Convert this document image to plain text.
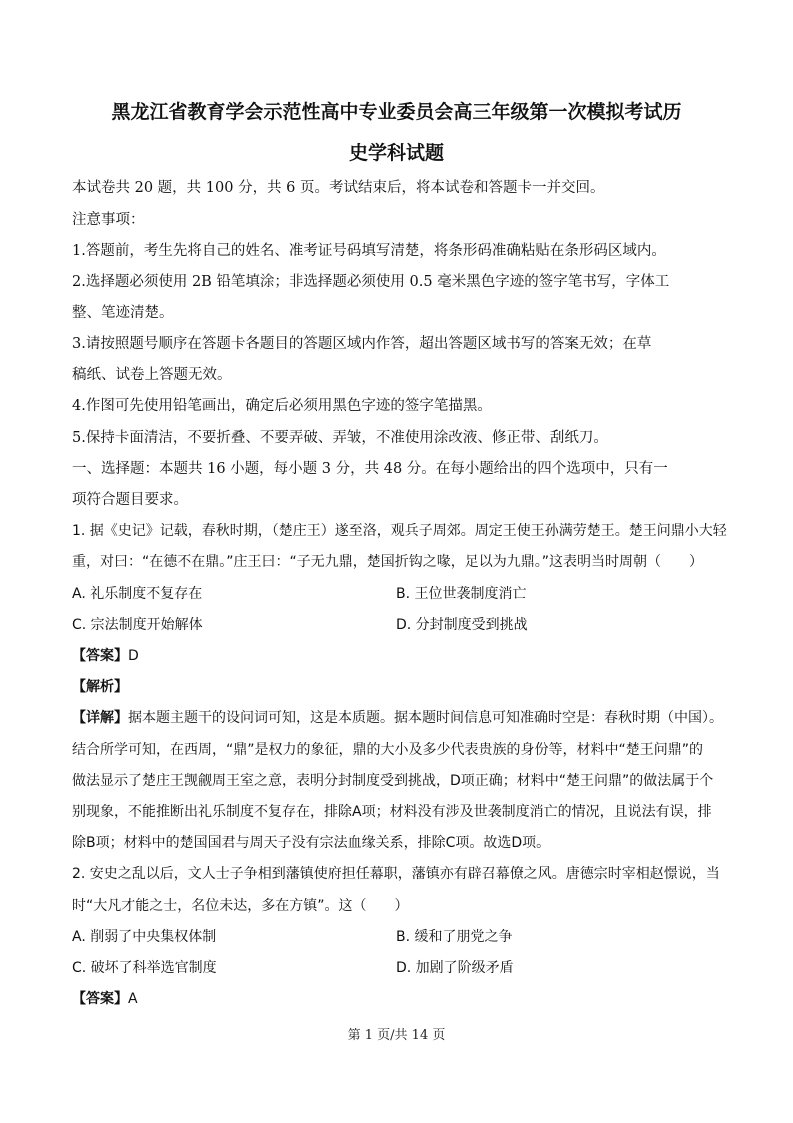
黑龙江省教育学会示范性高中专业委员会高三年级第一次模拟考试历
史学科试题
本试卷共 20 题，共 100 分，共 6 页。考试结束后，将本试卷和答题卡一并交回。
注意事项：
1.答题前，考生先将自己的姓名、准考证号码填写清楚，将条形码准确粘贴在条形码区域内。
2.选择题必须使用 2B 铅笔填涂；非选择题必须使用 0.5 毫米黑色字迹的签字笔书写，字体工
整、笔迹清楚。
3.请按照题号顺序在答题卡各题目的答题区域内作答，超出答题区域书写的答案无效；在草
稿纸、试卷上答题无效。
4.作图可先使用铅笔画出，确定后必须用黑色字迹的签字笔描黑。
5.保持卡面清洁，不要折叠、不要弄破、弄皱，不准使用涂改液、修正带、刮纸刀。
一、选择题：本题共 16 小题，每小题 3 分，共 48 分。在每小题给出的四个选项中，只有一
项符合题目要求。
1. 据《史记》记载，春秋时期，（楚庄王）遂至洛，观兵子周郊。周定王使王孙满劳楚王。楚王问鼎小大轻
重，对曰：“在德不在鼎。”庄王曰：“子无九鼎，楚国折钩之喙，足以为九鼎。”这表明当时周朝（　　）
A. 礼乐制度不复存在	B. 王位世袭制度消亡
C. 宗法制度开始解体	D. 分封制度受到挑战
【答案】D
【解析】
【详解】据本题主题干的设问词可知，这是本质题。据本题时间信息可知准确时空是：春秋时期（中国）。
结合所学可知，在西周，“鼎”是权力的象征，鼎的大小及多少代表贵族的身份等，材料中“楚王问鼎”的
做法显示了楚庄王觊觎周王室之意，表明分封制度受到挑战，D项正确；材料中“楚王问鼎”的做法属于个
别现象，不能推断出礼乐制度不复存在，排除A项；材料没有涉及世袭制度消亡的情况，且说法有误，排
除B项；材料中的楚国国君与周天子没有宗法血缘关系，排除C项。故选D项。
2. 安史之乱以后，文人士子争相到藩镇使府担任幕职，藩镇亦有辟召幕僚之风。唐德宗时宰相赵憬说，当
时“大凡才能之士，名位未达，多在方镇”。这（　　）
A. 削弱了中央集权体制	B. 缓和了朋党之争
C. 破坏了科举选官制度	D. 加剧了阶级矛盾
【答案】A
第 1 页/共 14 页
